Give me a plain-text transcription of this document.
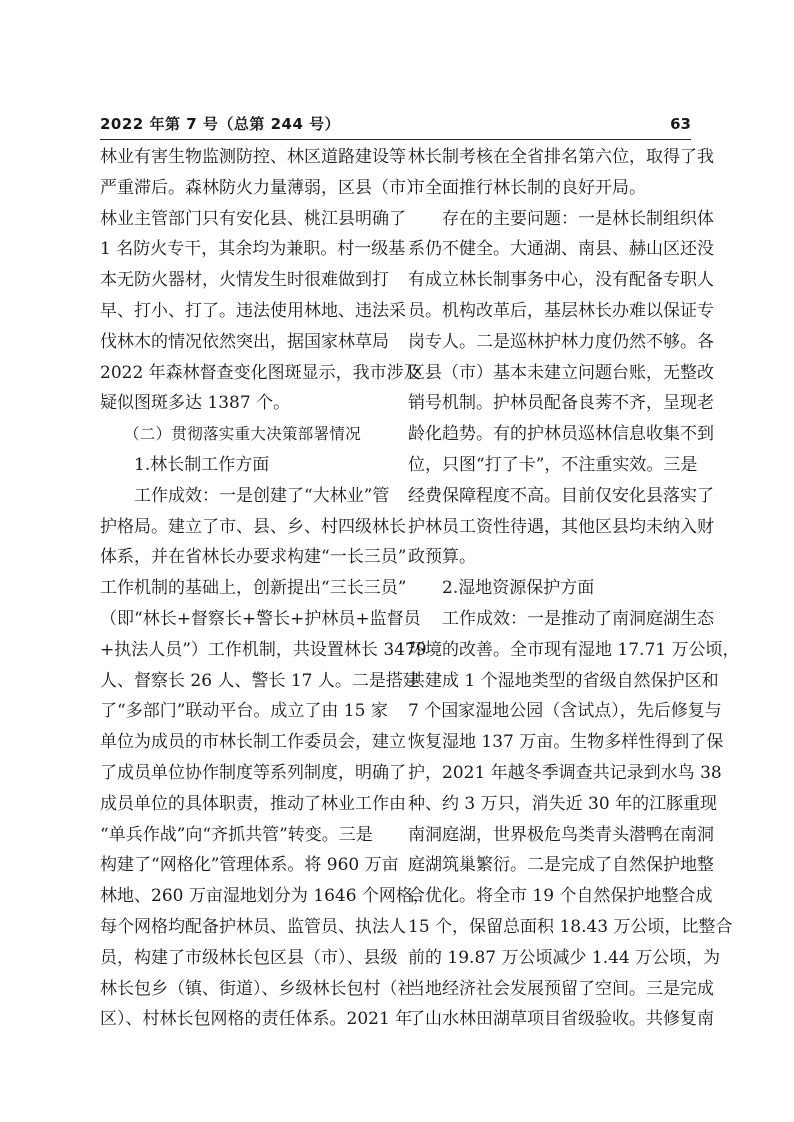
2022 年第 7 号（总第 244 号）	63
林业有害生物监测防控、林区道路建设等
严重滞后。森林防火力量薄弱，区县（市）
林业主管部门只有安化县、桃江县明确了
1 名防火专干，其余均为兼职。村一级基
本无防火器材，火情发生时很难做到打
早、打小、打了。违法使用林地、违法采
伐林木的情况依然突出，据国家林草局
2022 年森林督查变化图斑显示，我市涉及
疑似图斑多达 1387 个。
（二）贯彻落实重大决策部署情况
1.林长制工作方面
工作成效：一是创建了“大林业”管
护格局。建立了市、县、乡、村四级林长
体系，并在省林长办要求构建“一长三员”
工作机制的基础上，创新提出“三长三员”
（即“林长+督察长+警长+护林员+监督员
+执法人员”）工作机制，共设置林长 3479
人、督察长 26 人、警长 17 人。二是搭建
了“多部门”联动平台。成立了由 15 家
单位为成员的市林长制工作委员会，建立
了成员单位协作制度等系列制度，明确了
成员单位的具体职责，推动了林业工作由
“单兵作战”向“齐抓共管”转变。三是
构建了“网格化”管理体系。将 960 万亩
林地、260 万亩湿地划分为 1646 个网格，
每个网格均配备护林员、监管员、执法人
员，构建了市级林长包区县（市）、县级
林长包乡（镇、街道）、乡级林长包村（社
区）、村林长包网格的责任体系。2021 年
林长制考核在全省排名第六位，取得了我
市全面推行林长制的良好开局。
存在的主要问题：一是林长制组织体
系仍不健全。大通湖、南县、赫山区还没
有成立林长制事务中心，没有配备专职人
员。机构改革后，基层林长办难以保证专
岗专人。二是巡林护林力度仍然不够。各
区县（市）基本未建立问题台账，无整改
销号机制。护林员配备良莠不齐，呈现老
龄化趋势。有的护林员巡林信息收集不到
位，只图“打了卡”，不注重实效。三是
经费保障程度不高。目前仅安化县落实了
护林员工资性待遇，其他区县均未纳入财
政预算。
2.湿地资源保护方面
工作成效：一是推动了南洞庭湖生态
环境的改善。全市现有湿地 17.71 万公顷，
共建成 1 个湿地类型的省级自然保护区和
7 个国家湿地公园（含试点），先后修复与
恢复湿地 137 万亩。生物多样性得到了保
护，2021 年越冬季调查共记录到水鸟 38
种、约 3 万只，消失近 30 年的江豚重现
南洞庭湖，世界极危鸟类青头潜鸭在南洞
庭湖筑巢繁衍。二是完成了自然保护地整
合优化。将全市 19 个自然保护地整合成
15 个，保留总面积 18.43 万公顷，比整合
前的 19.87 万公顷减少 1.44 万公顷，为
当地经济社会发展预留了空间。三是完成
了山水林田湖草项目省级验收。共修复南
